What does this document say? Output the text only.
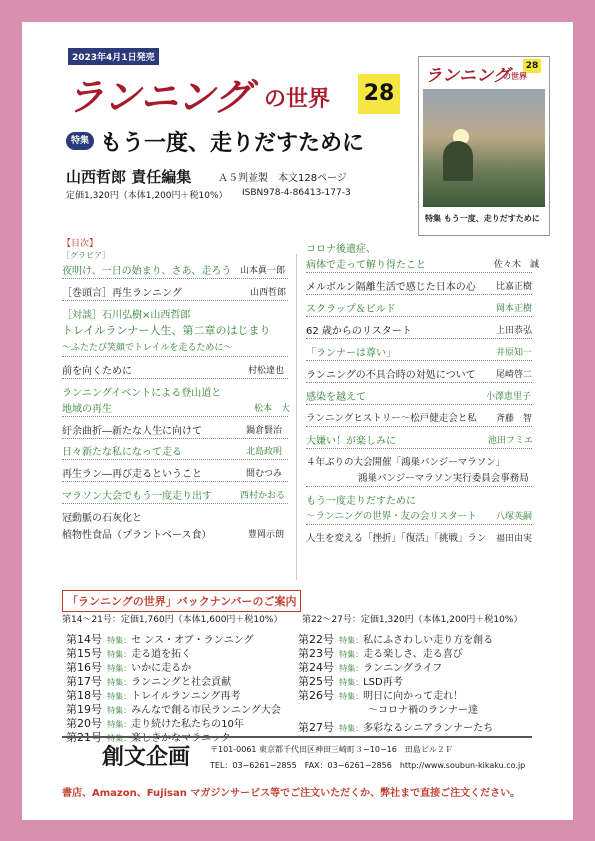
2023年4月1日発売
ランニング の世界 28
特集 もう一度、走りだすために
山西哲郎 責任編集	Ａ５判並製　本文128ページ
定価1,320円（本体1,200円＋税10%） ISBN978-4-86413-177-3
ランニング	28
の世界
特集 もう一度、走りだすために
【目次】
［グラビア］
夜明け、一日の始まり、さあ、走ろう 山本眞一郎
［巻頭言］再生ランニング	山西哲郎
［対談］石川弘樹×山西哲郎
トレイルランナー人生、第二章のはじまり
～ふたたび笑顔でトレイルを走るために～
前を向くために	村松達也
ランニングイベントによる登山道と
地域の再生	松本　大
紆余曲折―新たな人生に向けて	鍋倉賢治
日々新たな私になって走る	北島政明
再生ラン―再び走るということ	間むつみ
マラソン大会でもう一度走り出す	西村かおる
冠動脈の石灰化と
植物性食品（プラントベース食）	豊岡示朗
コロナ後遺症、
病体で走って解り得たこと	佐々木　誠
メルボルン隔離生活で感じた日本の心 比嘉正樹
スクラップ＆ビルド	岡本正樹
62 歳からのリスタート	上田恭弘
「ランナーは尊い」	井原知一
ランニングの不具合時の対処について 尾崎啓二
感染を越えて	小澤恵里子
ランニングヒストリー～松戸健走会と私 斉藤　智
大嫌い！が楽しみに	池田フミエ
４年ぶりの大会開催「鴻巣パンジーマラソン」
鴻巣パンジーマラソン実行委員会事務局
もう一度走りだすために
～ランニングの世界・友の会リスタート 八塚英嗣
人生を変える「挫折」「復活」「挑戦」ラン 福田由実
「ランニングの世界」バックナンバーのご案内
第14〜21号：定価1,760円（本体1,600円＋税10%） 第22〜27号：定価1,320円（本体1,200円＋税10%）
第14号 特集：セ ンス・オブ・ランニング
第15号 特集：走る道を拓く
第16号 特集：いかに走るか
第17号 特集：ランニングと社会貢献
第18号 特集：トレイルランニング再考
第19号 特集：みんなで創る市民ランニング大会
第20号 特集：走り続けた私たちの10年
第21号 特集：楽しきかなマラニック
第22号 特集：私にふさわしい走り方を創る
第23号 特集：走る楽しさ、走る喜び
第24号 特集：ランニングライフ
第25号 特集：LSD再考
第26号 特集：明日に向かって走れ！
～コロナ禍のランナー達
第27号 特集：多彩なるシニアランナーたち
創文企画 〒101-0061 東京都千代田区神田三崎町３−10−16　田島ビル２Ｆ
TEL：03−6261−2855　FAX：03−6261−2856　http://www.soubun-kikaku.co.jp
書店、Amazon、Fujisan マガジンサービス等でご注文いただくか、弊社まで直接ご注文ください。
